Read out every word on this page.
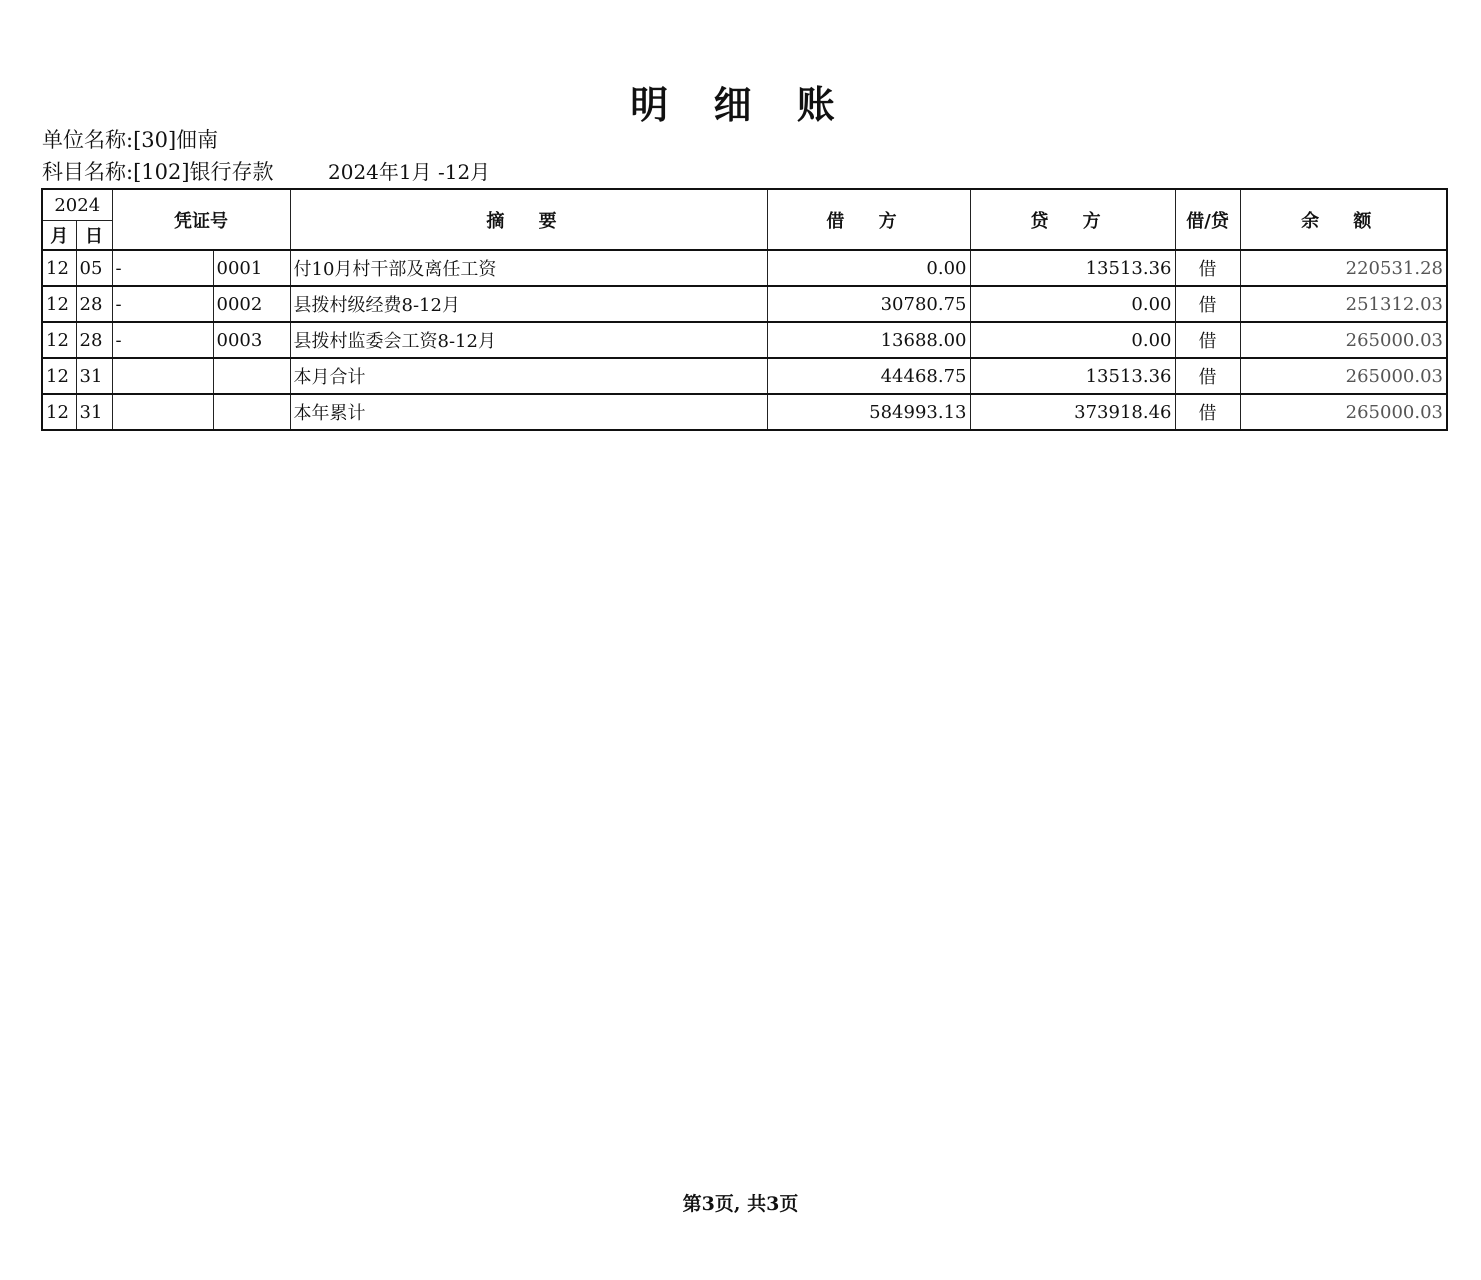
明 细 账
单位名称:[30]佃南
科目名称:[102]银行存款	2024年1月 -12月
2024		凭证号		摘 要	借 方	贷 方	借/贷	余 额
月	日							
12	05	-	0001	付10月村干部及离任工资	0.00	13513.36	借	220531.28
12	28	-	0002	县拨村级经费8-12月	30780.75	0.00	借	251312.03
12	28	-	0003	县拨村监委会工资8-12月	13688.00	0.00	借	265000.03
12	31			本月合计	44468.75	13513.36	借	265000.03
12	31			本年累计	584993.13	373918.46	借	265000.03
第3页, 共3页
